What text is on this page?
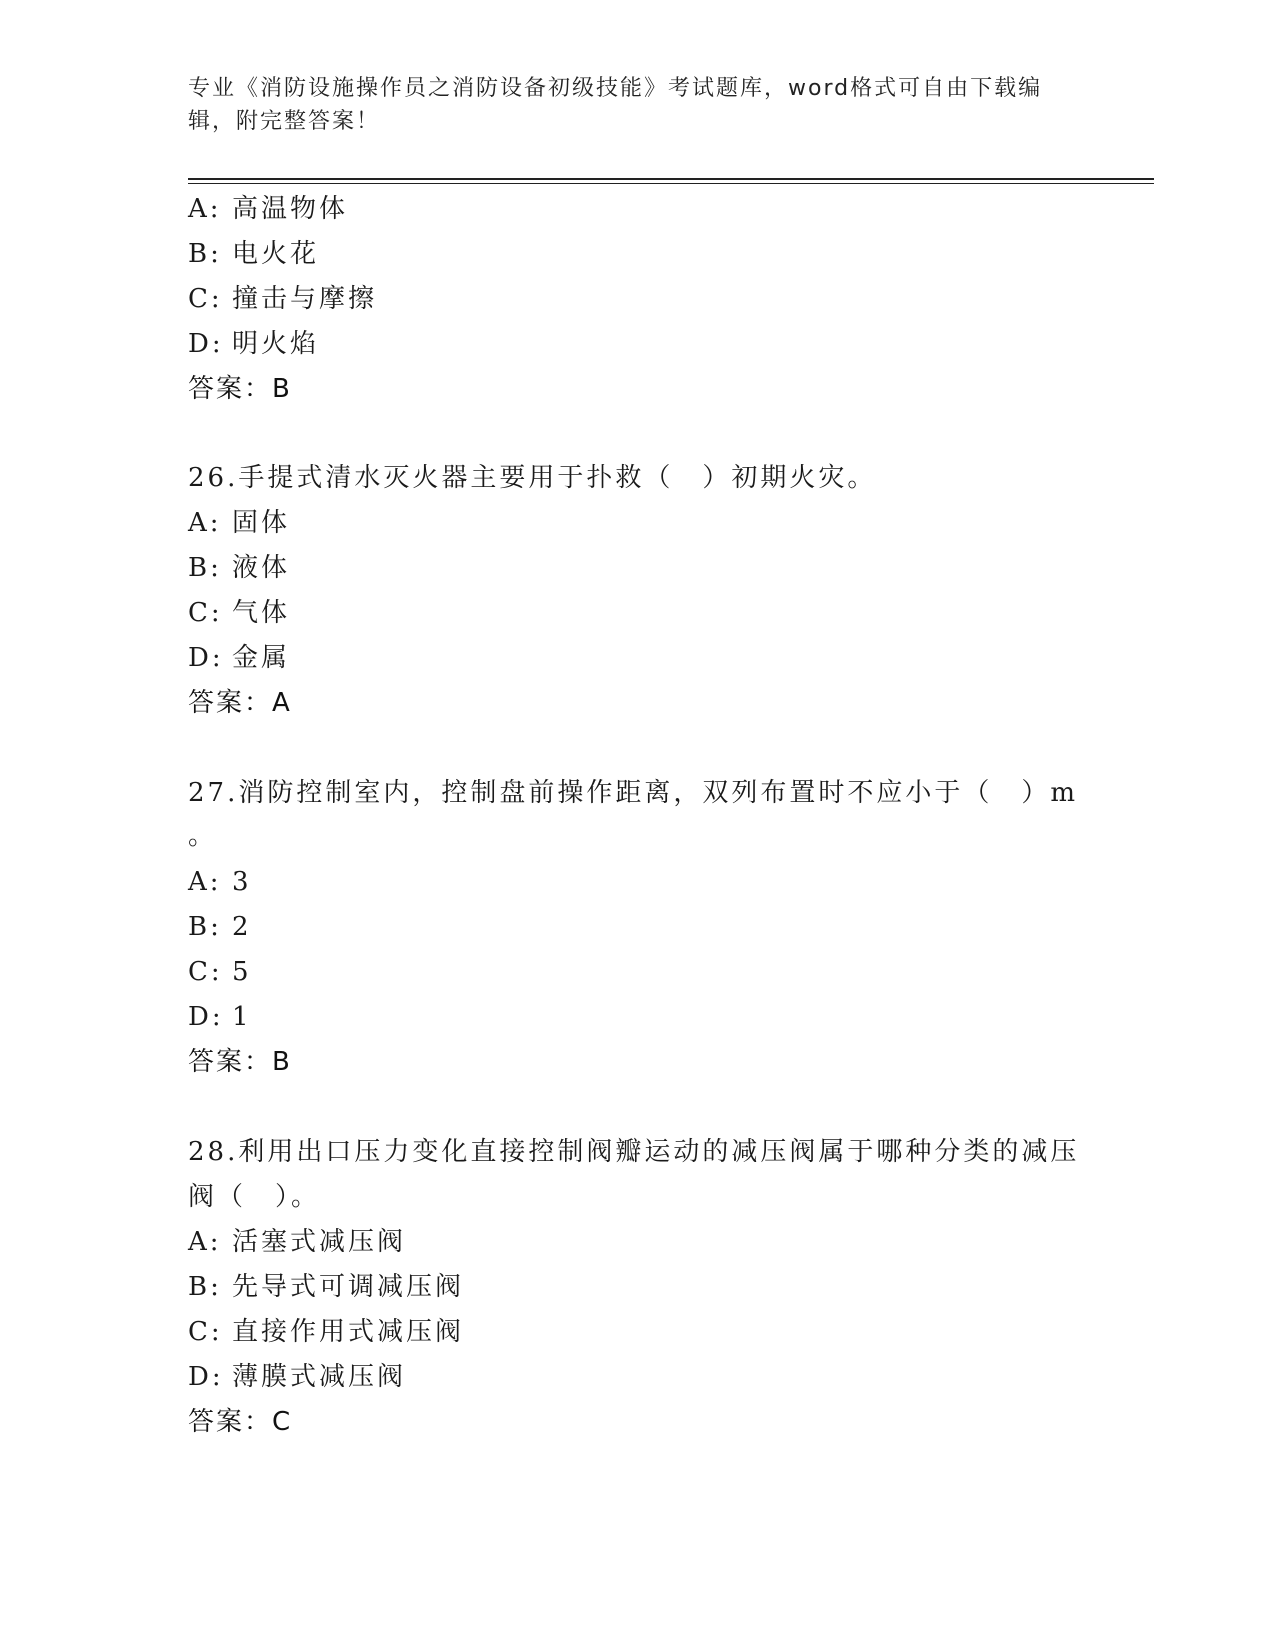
专业《消防设施操作员之消防设备初级技能》考试题库，word格式可自由下载编
辑，附完整答案！
A: 高温物体
B: 电火花
C: 撞击与摩擦
D: 明火焰
答案：B
26.手提式清水灭火器主要用于扑救（　）初期火灾。
A: 固体
B: 液体
C: 气体
D: 金属
答案：A
27.消防控制室内，控制盘前操作距离，双列布置时不应小于（　）m
。
A: 3
B: 2
C: 5
D: 1
答案：B
28.利用出口压力变化直接控制阀瓣运动的减压阀属于哪种分类的减压
阀（　）。
A: 活塞式减压阀
B: 先导式可调减压阀
C: 直接作用式减压阀
D: 薄膜式减压阀
答案：C
